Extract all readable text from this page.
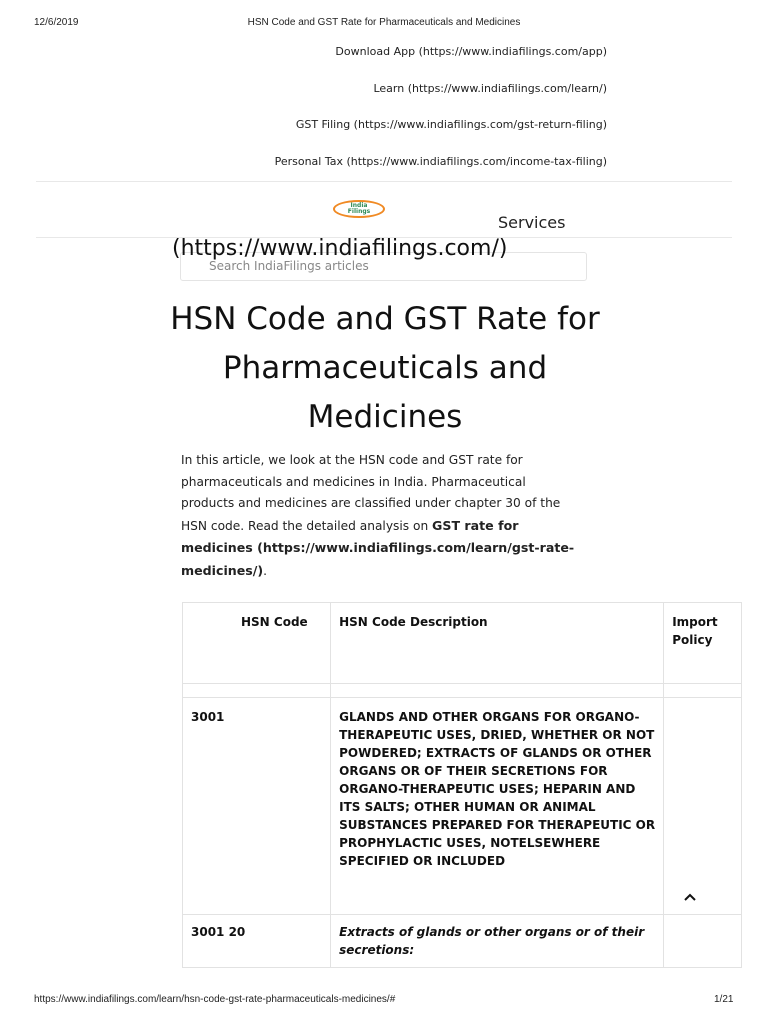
12/6/2019	HSN Code and GST Rate for Pharmaceuticals and Medicines
Download App (https://www.indiafilings.com/app)
Learn (https://www.indiafilings.com/learn/)
GST Filing (https://www.indiafilings.com/gst-return-filing)
Personal Tax (https://www.indiafilings.com/income-tax-filing)
India
Filings
Services
Search IndiaFilings articles
(https://www.indiafilings.com/)
HSN Code and GST Rate for Pharmaceuticals and Medicines
In this article, we look at the HSN code and GST rate for pharmaceuticals and medicines in India. Pharmaceutical products and medicines are classified under chapter 30 of the HSN code. Read the detailed analysis on GST rate for medicines (https://www.indiafilings.com/learn/gst-rate-medicines/).
HSN Code	HSN Code Description	Import Policy

3001	GLANDS AND OTHER ORGANS FOR ORGANO-THERAPEUTIC USES, DRIED, WHETHER OR NOT POWDERED; EXTRACTS OF GLANDS OR OTHER ORGANS OR OF THEIR SECRETIONS FOR ORGANO-THERAPEUTIC USES; HEPARIN AND ITS SALTS; OTHER HUMAN OR ANIMAL SUBSTANCES PREPARED FOR THERAPEUTIC OR PROPHYLACTIC USES, NOTELSEWHERE SPECIFIED OR INCLUDED	
3001 20	Extracts of glands or other organs or of their secretions:	
https://www.indiafilings.com/learn/hsn-code-gst-rate-pharmaceuticals-medicines/#	1/21
